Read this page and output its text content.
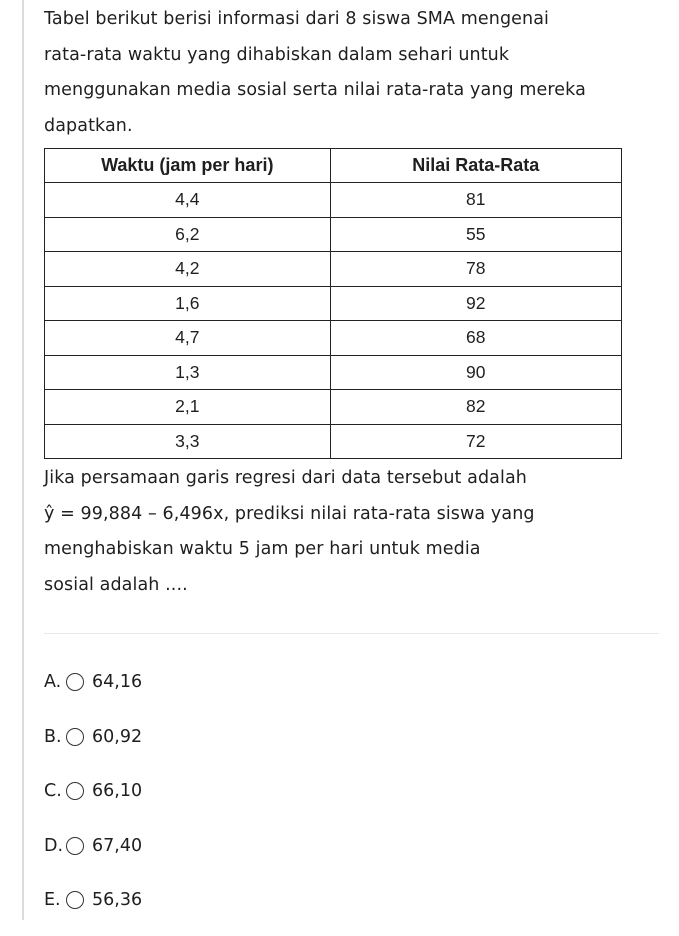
Tabel berikut berisi informasi dari 8 siswa SMA mengenai
rata-rata waktu yang dihabiskan dalam sehari untuk
menggunakan media sosial serta nilai rata-rata yang mereka
dapatkan.

Waktu (jam per hari)	Nilai Rata-Rata
4,4	81
6,2	55
4,2	78
1,6	92
4,7	68
1,3	90
2,1	82
3,3	72

Jika persamaan garis regresi dari data tersebut adalah
ŷ = 99,884 – 6,496x, prediksi nilai rata-rata siswa yang
menghabiskan waktu 5 jam per hari untuk media
sosial adalah ....

A. 64,16
B. 60,92
C. 66,10
D. 67,40
E.	56,36
